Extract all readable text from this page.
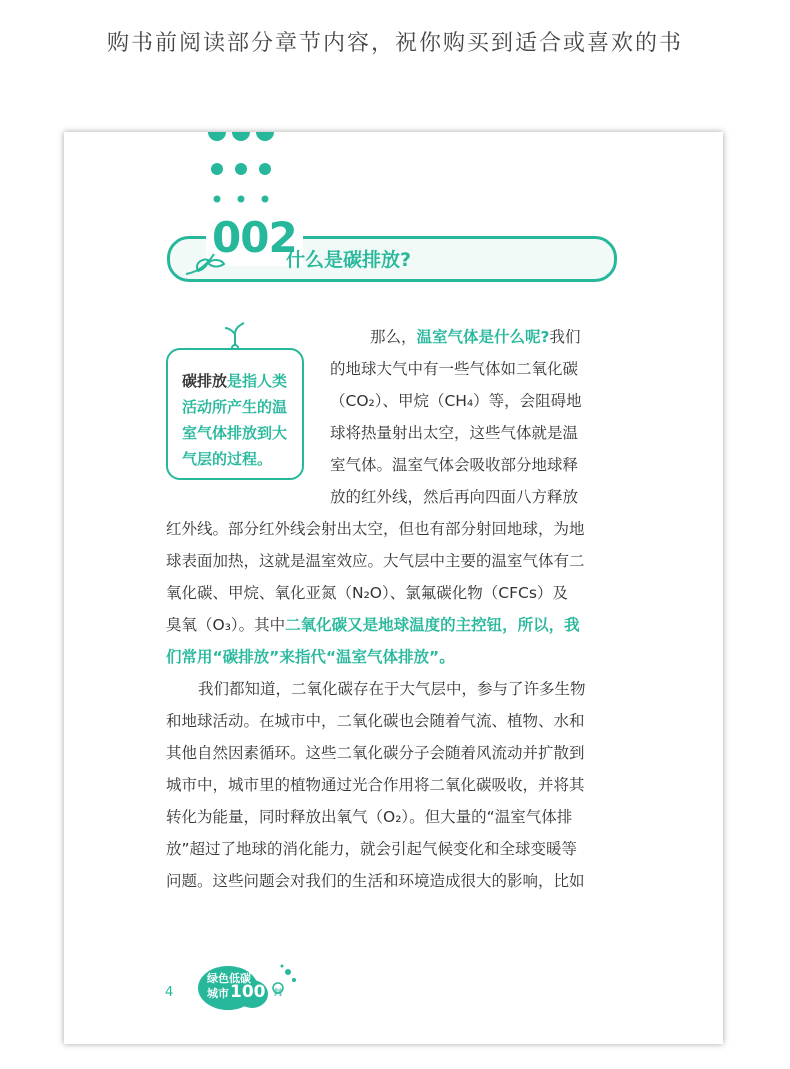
购书前阅读部分章节内容，祝你购买到适合或喜欢的书
002
什么是碳排放?
碳排放是指人类
活动所产生的温
室气体排放到大
气层的过程。
那么，温室气体是什么呢?我们
的地球大气中有一些气体如二氧化碳
（CO₂）、甲烷（CH₄）等，会阻碍地
球将热量射出太空，这些气体就是温
室气体。温室气体会吸收部分地球释
放的红外线，然后再向四面八方释放
红外线。部分红外线会射出太空，但也有部分射回地球，为地
球表面加热，这就是温室效应。大气层中主要的温室气体有二
氧化碳、甲烷、氧化亚氮（N₂O）、氯氟碳化物（CFCs）及
臭氧（O₃）。其中二氧化碳又是地球温度的主控钮，所以，我
们常用“碳排放”来指代“温室气体排放”。
我们都知道，二氧化碳存在于大气层中，参与了许多生物
和地球活动。在城市中，二氧化碳也会随着气流、植物、水和
其他自然因素循环。这些二氧化碳分子会随着风流动并扩散到
城市中，城市里的植物通过光合作用将二氧化碳吸收，并将其
转化为能量，同时释放出氧气（O₂）。但大量的“温室气体排
放”超过了地球的消化能力，就会引起气候变化和全球变暖等
问题。这些问题会对我们的生活和环境造成很大的影响，比如
4
绿色低碳
城市 100 问
